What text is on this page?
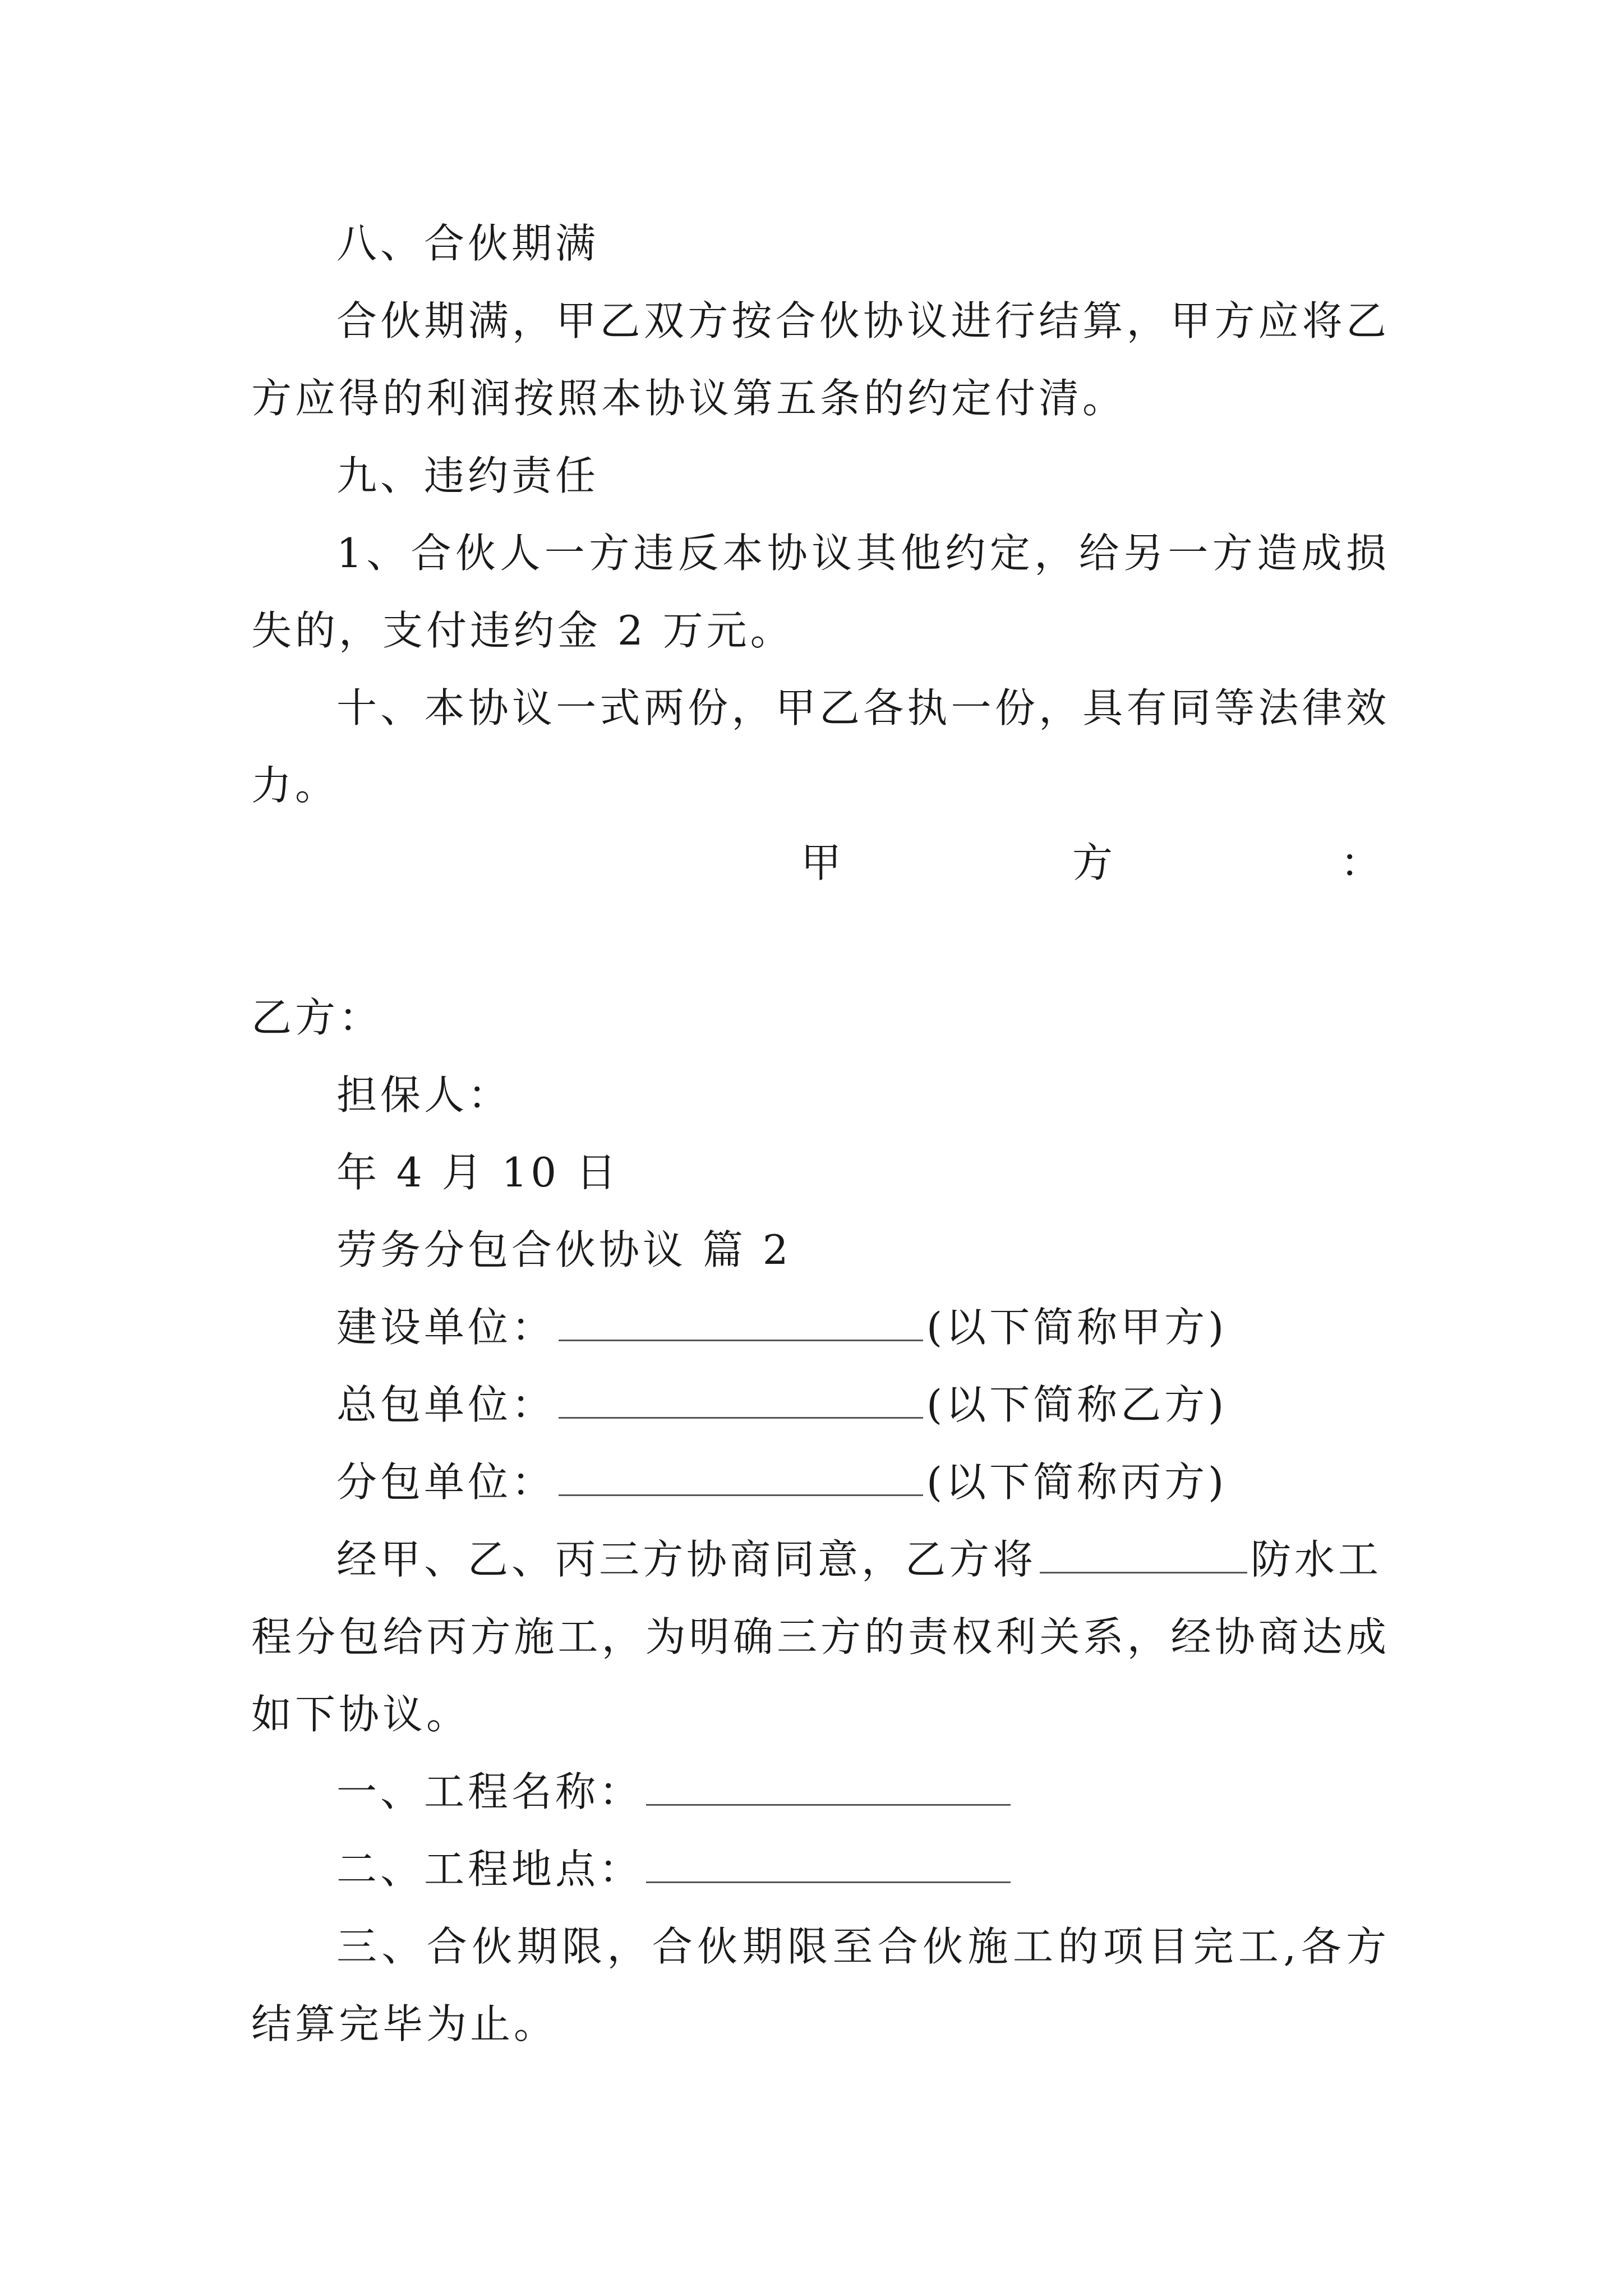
八、合伙期满
合伙期满，甲乙双方按合伙协议进行结算，甲方应将乙
方应得的利润按照本协议第五条的约定付清。
九、违约责任
1、合伙人一方违反本协议其他约定，给另一方造成损
失的，支付违约金 2 万元。
十、本协议一式两份，甲乙各执一份，具有同等法律效
力。
甲	方	：
乙方：
担保人：
年 4 月 10 日
劳务分包合伙协议 篇 2
建设单位：	(以下简称甲方)
总包单位：	(以下简称乙方)
分包单位：	(以下简称丙方)
经甲、乙、丙三方协商同意，乙方将	防水工
程分包给丙方施工，为明确三方的责权利关系，经协商达成
如下协议。
一、工程名称：
二、工程地点：
三、合伙期限，合伙期限至合伙施工的项目完工,各方
结算完毕为止。
